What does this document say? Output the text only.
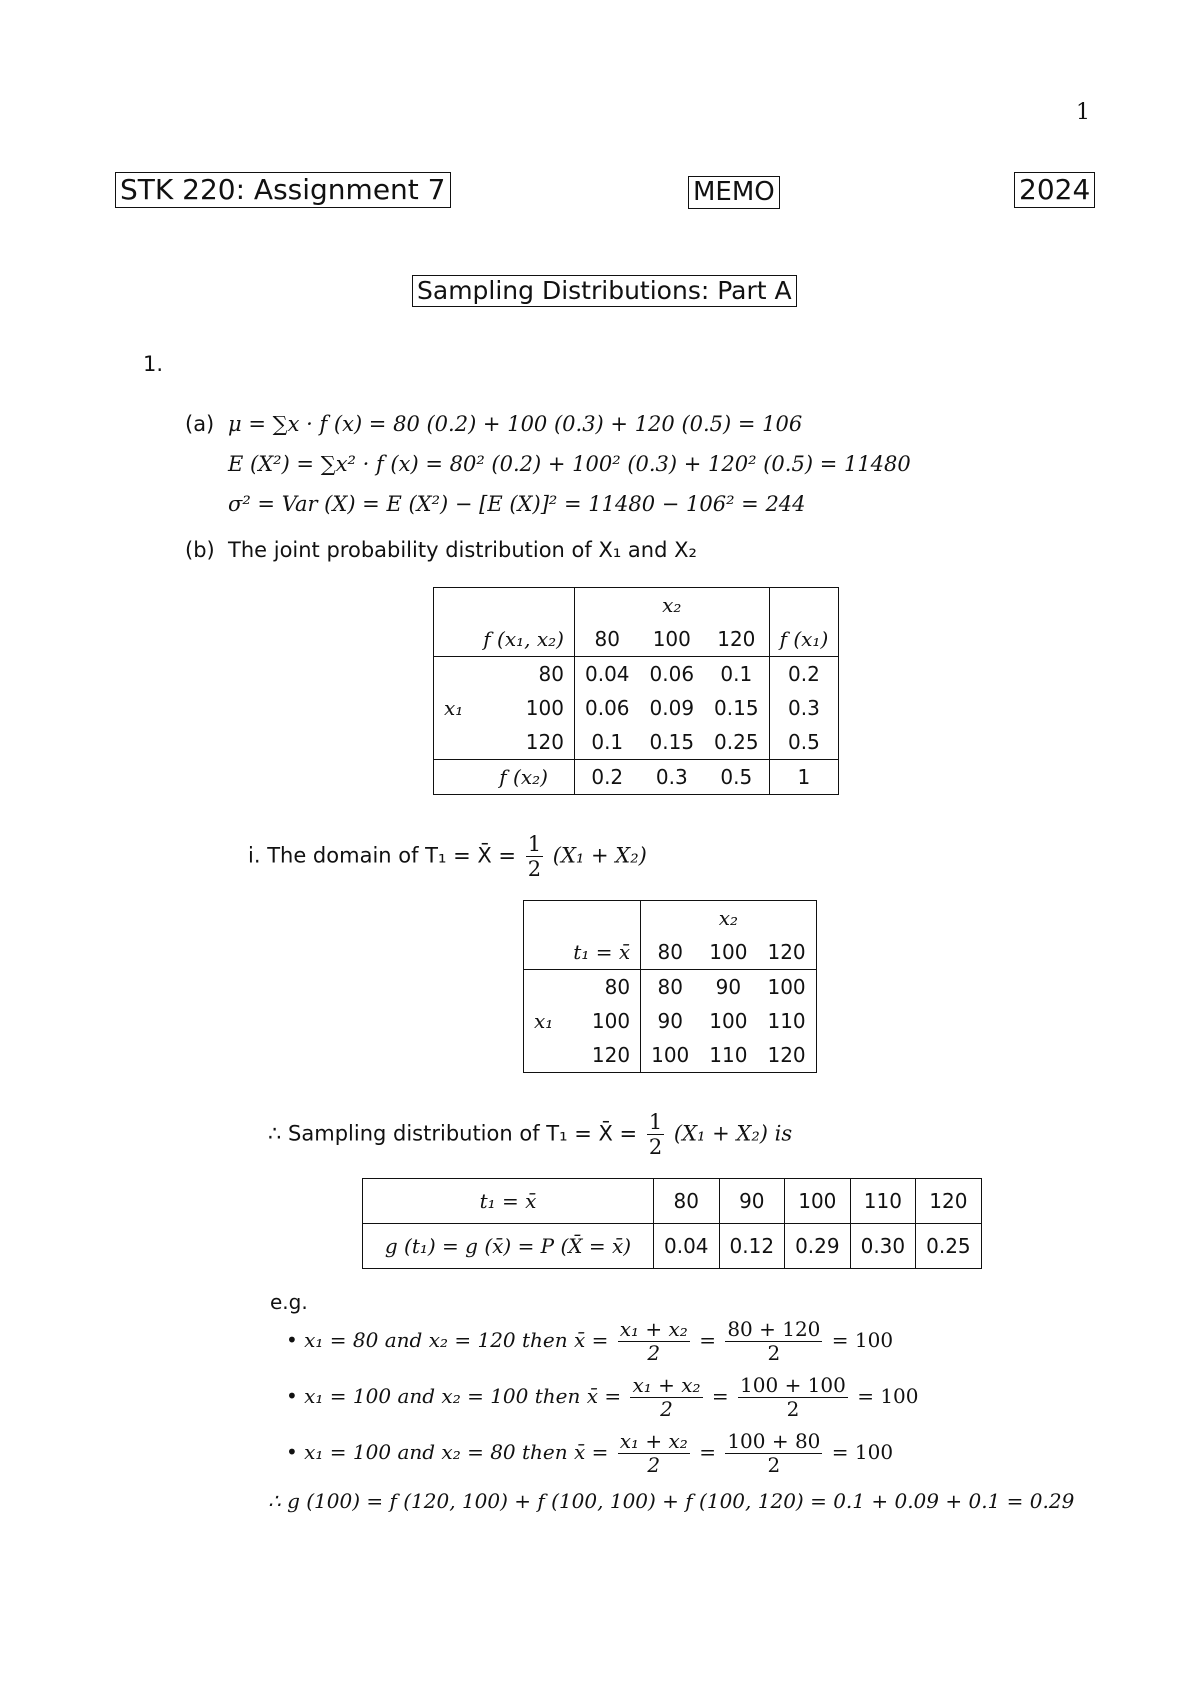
1
STK 220: Assignment 7	MEMO	2024
Sampling Distributions: Part A
1.
(a) μ = ∑x · f (x) = 80 (0.2) + 100 (0.3) + 120 (0.5) = 106
E (X²) = ∑x² · f (x) = 80² (0.2) + 100² (0.3) + 120² (0.5) = 11480
σ² = Var (X) = E (X²) − [E (X)]² = 11480 − 106² = 244
(b) The joint probability distribution of X₁ and X₂
		x₂			
	f (x₁, x₂)	80	100	120	f (x₁)
	80	0.04	0.06	0.1	0.2
x₁	100	0.06	0.09	0.15	0.3
	120	0.1	0.15	0.25	0.5
	f (x₂)	0.2	0.3	0.5	1
i. The domain of T₁ = X̄ = $\frac{1}{2} (X_1 + X_2)$
		x₂		
	t₁ = x̄	80	100	120
	80	80	90	100
x₁	100	90	100	110
	120	100	110	120
∴ Sampling distribution of T₁ = X̄ = $\frac{1}{2} (X_1 + X_2)$ is
t₁ = x̄	80	90	100	110	120
g (t₁) = g (x̄) = P (X̄ = x̄)	0.04	0.12	0.29	0.30	0.25
e.g.
• x₁ = 80 and x₂ = 120 then x̄ = $\frac{\text{x₁ + x₂}}{2} = \frac{80 + 120}{2} = 100$
• x₁ = 100 and x₂ = 100 then x̄ = $\frac{\text{x₁ + x₂}}{2} = \frac{100 + 100}{2} = 100$
• x₁ = 100 and x₂ = 80 then x̄ = $\frac{\text{x₁ + x₂}}{2} = \frac{100 + 80}{2} = 100$
∴ g (100) = f (120, 100) + f (100, 100) + f (100, 120) = 0.1 + 0.09 + 0.1 = 0.29
